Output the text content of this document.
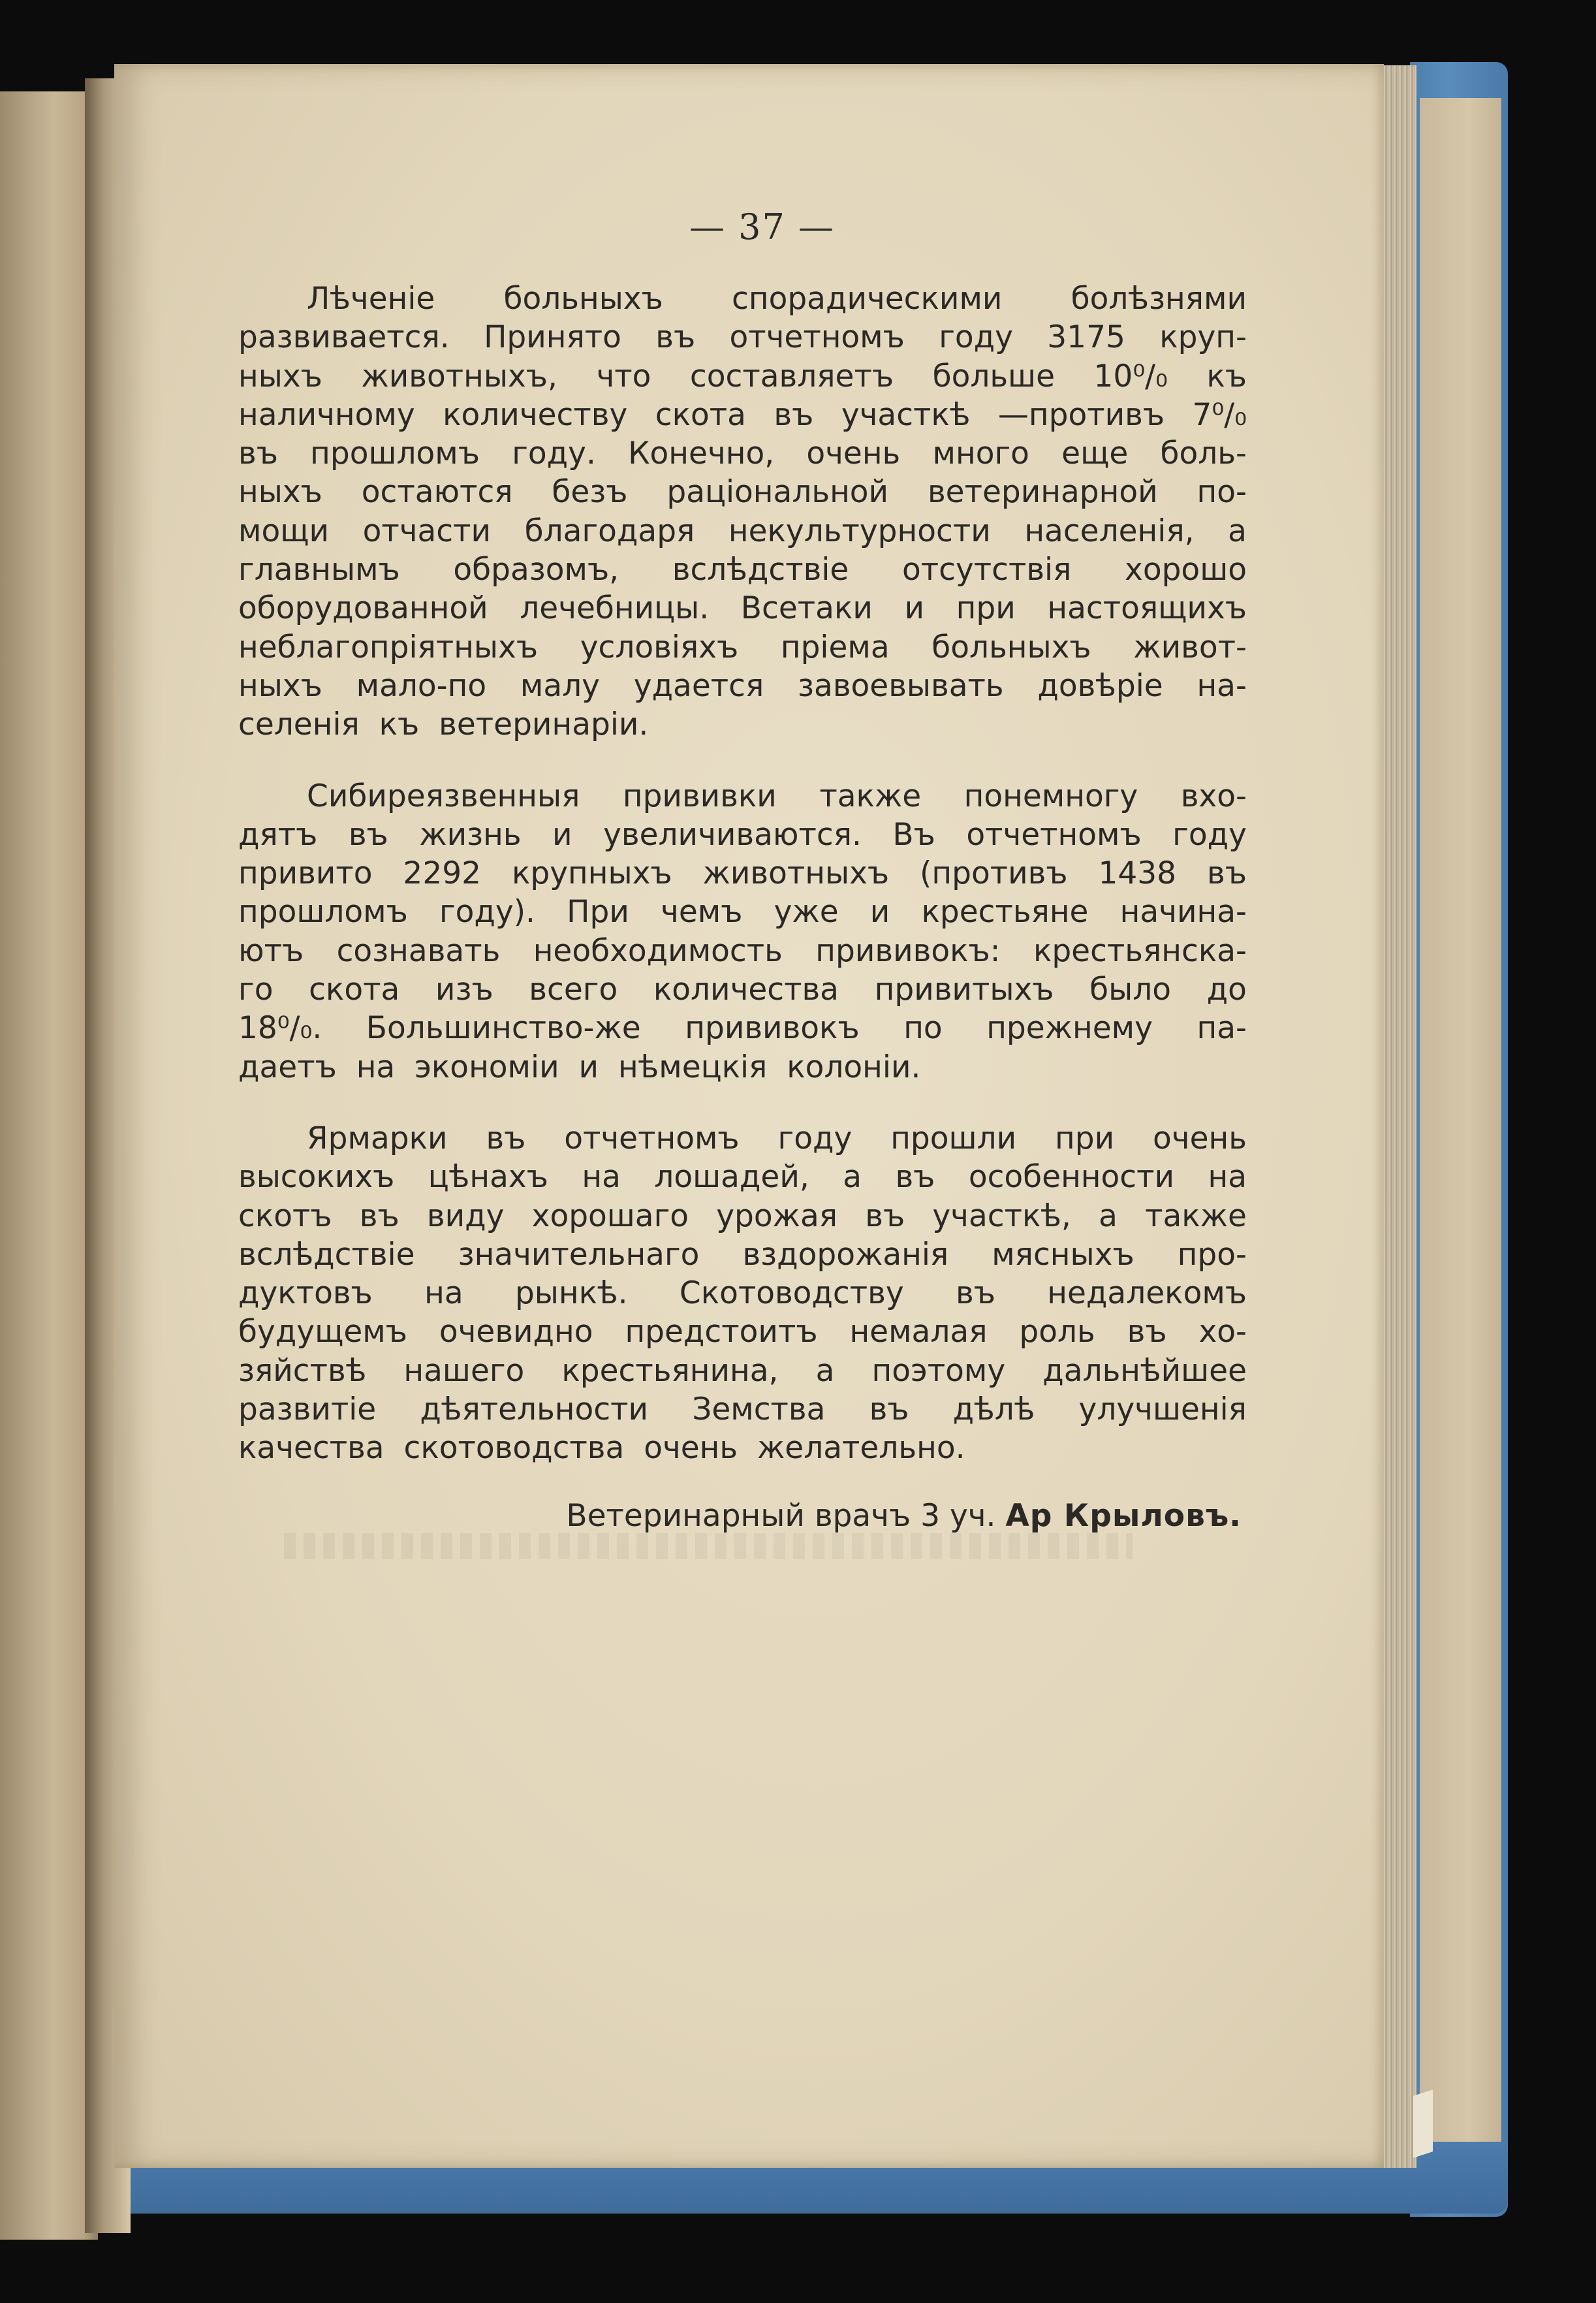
— 37 —
Лѣченіе больныхъ спорадическими болѣзнями
развивается. Принято въ отчетномъ году 3175 круп-
ныхъ животныхъ, что составляетъ больше 10⁰/₀ къ
наличному количеству скота въ участкѣ —противъ 7⁰/₀
въ прошломъ году. Конечно, очень много еще боль-
ныхъ остаются безъ раціональной ветеринарной по-
мощи отчасти благодаря некультурности населенія, а
главнымъ образомъ, вслѣдствіе отсутствія хорошо
оборудованной лечебницы. Всетаки и при настоящихъ
неблагопріятныхъ условіяхъ пріема больныхъ живот-
ныхъ мало-по малу удается завоевывать довѣріе на-
селенія
къ
ветеринаріи.
Сибиреязвенныя прививки также понемногу вхо-
дятъ въ жизнь и увеличиваются. Въ отчетномъ году
привито 2292 крупныхъ животныхъ (противъ 1438 въ
прошломъ году). При чемъ уже и крестьяне начина-
ютъ сознавать необходимость прививокъ: крестьянска-
го скота изъ всего количества привитыхъ было до
18⁰/₀. Большинство-же прививокъ по прежнему па-
даетъ
на
экономіи
и
нѣмецкія
колоніи.
Ярмарки въ отчетномъ году прошли при очень
высокихъ цѣнахъ на лошадей, а въ особенности на
скотъ въ виду хорошаго урожая въ участкѣ, а также
вслѣдствіе значительнаго вздорожанія мясныхъ про-
дуктовъ на рынкѣ. Скотоводству въ недалекомъ
будущемъ очевидно предстоитъ немалая роль въ хо-
зяйствѣ нашего крестьянина, а поэтому дальнѣйшее
развитіе дѣятельности Земства въ дѣлѣ улучшенія
качества
скотоводства
очень
желательно.
Ветеринарный врачъ 3 уч. Ар Крыловъ.
